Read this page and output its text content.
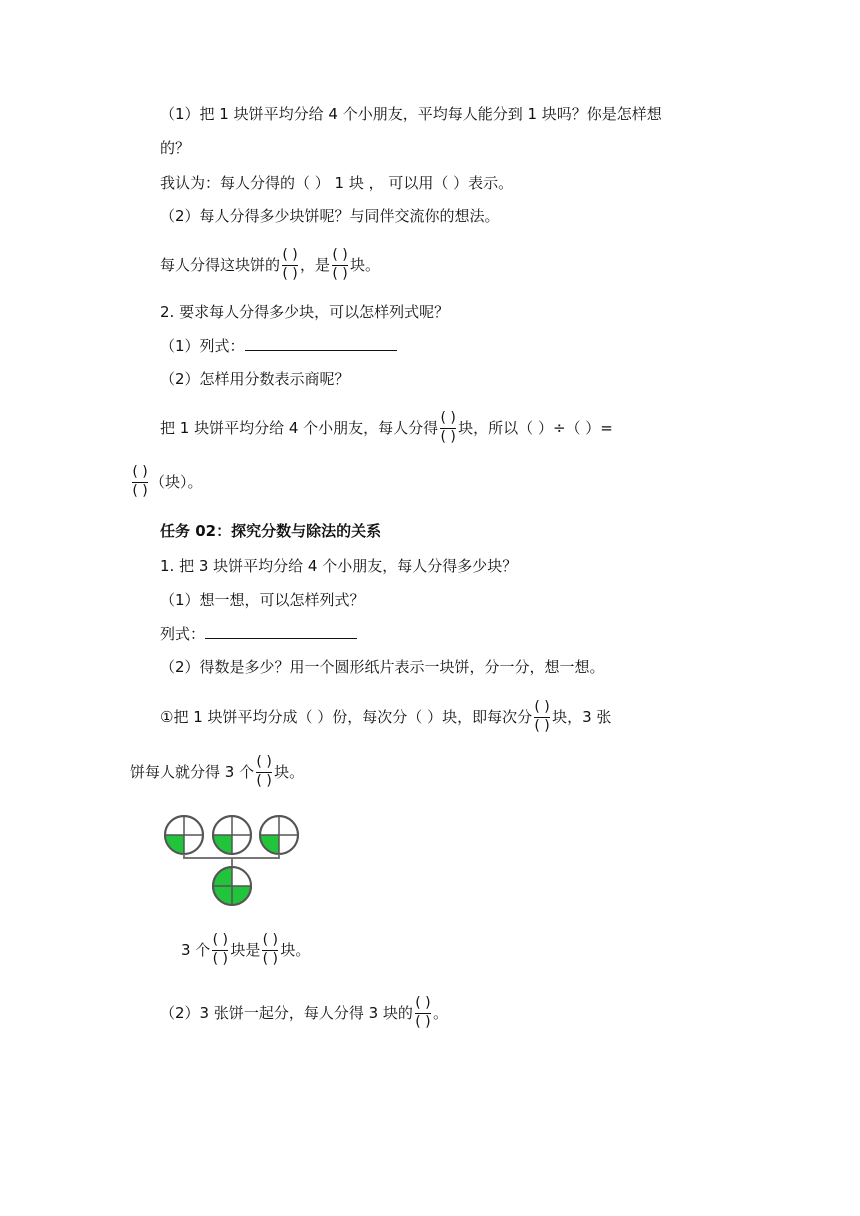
（1）把 1 块饼平均分给 4 个小朋友，平均每人能分到 1 块吗？你是怎样想
的？
我认为：每人分得的（ ） 1 块 ， 可以用（ ）表示。
（2）每人分得多少块饼呢？与同伴交流你的想法。
每人分得这块饼的 $\frac{( )}{( )}$ ，是 $\frac{( )}{( )}$ 块。
2. 要求每人分得多少块，可以怎样列式呢？
（1）列式：
（2）怎样用分数表示商呢？
把 1 块饼平均分给 4 个小朋友，每人分得 $\frac{( )}{( )}$ 块，所以（ ）÷（ ）=
$\frac{( )}{( )}$ （块）。
任务 02：探究分数与除法的关系
1. 把 3 块饼平均分给 4 个小朋友，每人分得多少块？
（1）想一想，可以怎样列式？
列式：
（2）得数是多少？用一个圆形纸片表示一块饼，分一分，想一想。
①把 1 块饼平均分成（ ）份，每次分（ ）块，即每次分 $\frac{( )}{( )}$ 块，3 张
饼每人就分得 3 个 $\frac{( )}{( )}$ 块。
3 个 $\frac{( )}{( )}$ 块是 $\frac{( )}{( )}$ 块。
（2）3 张饼一起分，每人分得 3 块的 $\frac{( )}{( )}$ 。
